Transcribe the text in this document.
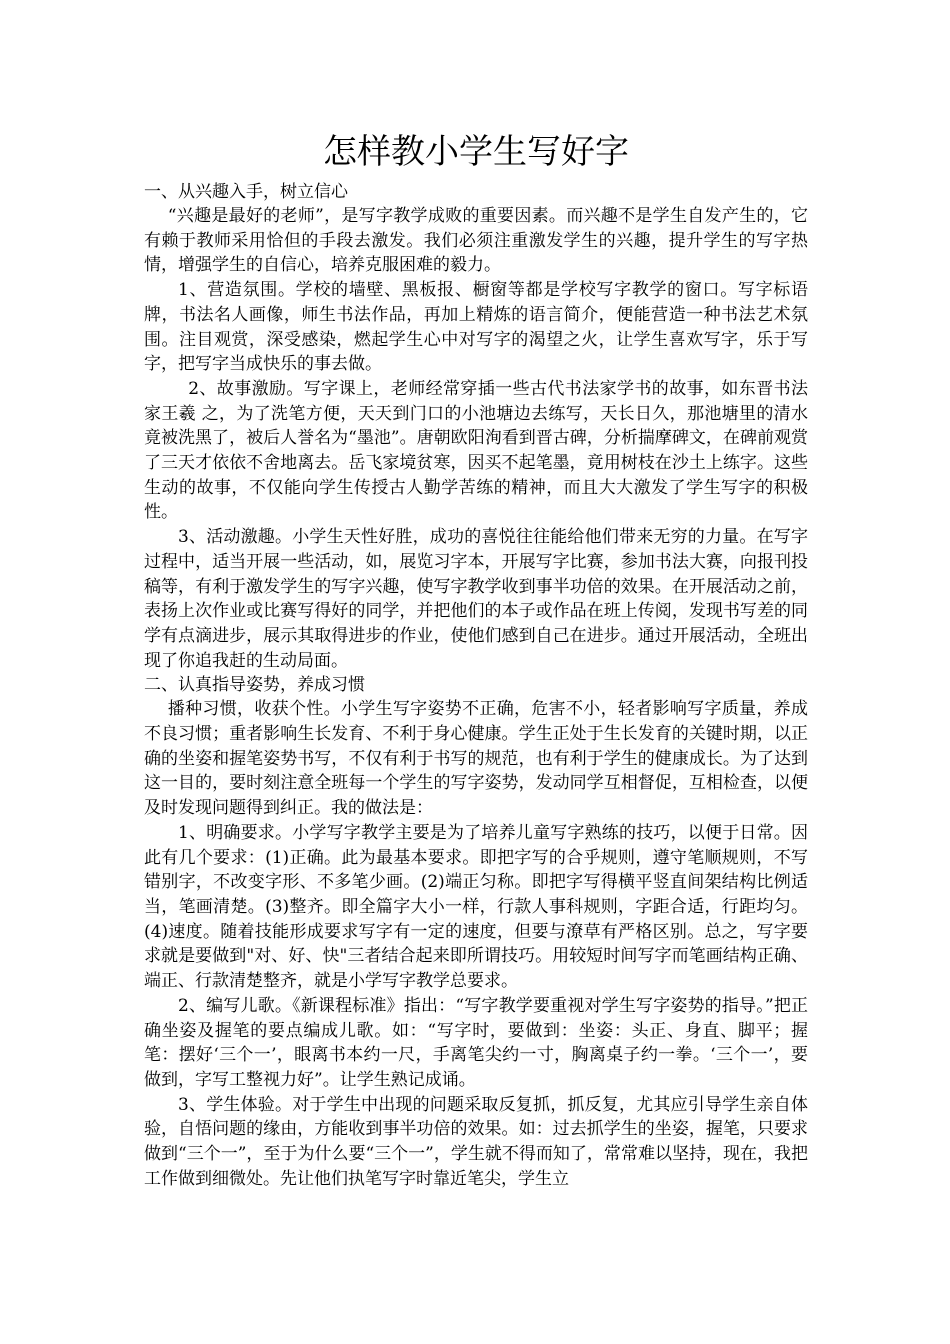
怎样教小学生写好字
一、从兴趣入手，树立信心

“兴趣是最好的老师”，是写字教学成败的重要因素。而兴趣不是学生自发产生的，它有赖于教师采用恰但的手段去激发。我们必须注重激发学生的兴趣，提升学生的写字热情，增强学生的自信心，培养克服困难的毅力。

1、营造氛围。学校的墙壁、黑板报、橱窗等都是学校写字教学的窗口。写字标语牌，书法名人画像，师生书法作品，再加上精炼的语言简介，便能营造一种书法艺术氛围。注目观赏，深受感染，燃起学生心中对写字的渴望之火，让学生喜欢写字，乐于写字，把写字当成快乐的事去做。

2、故事激励。写字课上，老师经常穿插一些古代书法家学书的故事，如东晋书法家王羲 之，为了洗笔方便，天天到门口的小池塘边去练写，天长日久，那池塘里的清水竟被洗黑了，被后人誉名为“墨池”。唐朝欧阳洵看到晋古碑，分析揣摩碑文，在碑前观赏了三天才依依不舍地离去。岳飞家境贫寒，因买不起笔墨，竟用树枝在沙土上练字。这些生动的故事，不仅能向学生传授古人勤学苦练的精神，而且大大激发了学生写字的积极性。

3、活动激趣。小学生天性好胜，成功的喜悦往往能给他们带来无穷的力量。在写字过程中，适当开展一些活动，如，展览习字本，开展写字比赛，参加书法大赛，向报刊投稿等，有利于激发学生的写字兴趣，使写字教学收到事半功倍的效果。在开展活动之前，表扬上次作业或比赛写得好的同学，并把他们的本子或作品在班上传阅，发现书写差的同学有点滴进步，展示其取得进步的作业，使他们感到自己在进步。通过开展活动，全班出现了你追我赶的生动局面。

二、认真指导姿势，养成习惯

播种习惯，收获个性。小学生写字姿势不正确，危害不小，轻者影响写字质量，养成不良习惯；重者影响生长发育、不利于身心健康。学生正处于生长发育的关键时期，以正确的坐姿和握笔姿势书写，不仅有利于书写的规范，也有利于学生的健康成长。为了达到这一目的，要时刻注意全班每一个学生的写字姿势，发动同学互相督促，互相检查，以便及时发现问题得到纠正。我的做法是：

1、明确要求。小学写字教学主要是为了培养儿童写字熟练的技巧，以便于日常。因此有几个要求：(1)正确。此为最基本要求。即把字写的合乎规则，遵守笔顺规则，不写错别字，不改变字形、不多笔少画。(2)端正匀称。即把字写得横平竖直间架结构比例适当，笔画清楚。(3)整齐。即全篇字大小一样，行款人事科规则，字距合适，行距均匀。(4)速度。随着技能形成要求写字有一定的速度，但要与潦草有严格区别。总之，写字要求就是要做到"对、好、快"三者结合起来即所谓技巧。用较短时间写字而笔画结构正确、端正、行款清楚整齐，就是小学写字教学总要求。

2、编写儿歌。《新课程标准》指出：“写字教学要重视对学生写字姿势的指导。”把正确坐姿及握笔的要点编成儿歌。如：“写字时，要做到：坐姿：头正、身直、脚平；握笔：摆好‘三个一’，眼离书本约一尺，手离笔尖约一寸，胸离桌子约一拳。‘三个一’，要做到，字写工整视力好”。让学生熟记成诵。

3、学生体验。对于学生中出现的问题采取反复抓，抓反复，尤其应引导学生亲自体验，自悟问题的缘由，方能收到事半功倍的效果。如：过去抓学生的坐姿，握笔，只要求做到“三个一”，至于为什么要“三个一”，学生就不得而知了，常常难以坚持，现在，我把工作做到细微处。先让他们执笔写字时靠近笔尖，学生立
